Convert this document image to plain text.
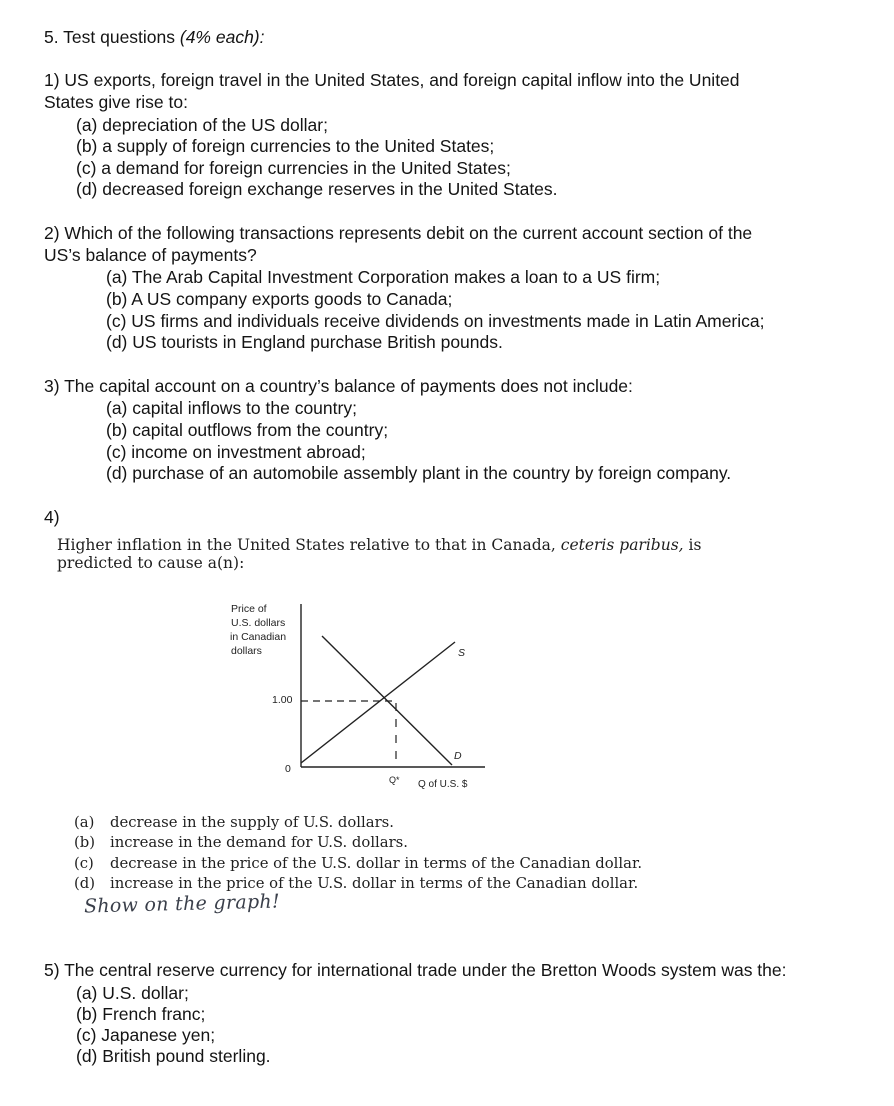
5. Test questions (4% each):
1) US exports, foreign travel in the United States, and foreign capital inflow into the United
States give rise to:
(a) depreciation of the US dollar;
(b) a supply of foreign currencies to the United States;
(c) a demand for foreign currencies in the United States;
(d) decreased foreign exchange reserves in the United States.
2) Which of the following transactions represents debit on the current account section of the
US’s balance of payments?
(a) The Arab Capital Investment Corporation makes a loan to a US firm;
(b) A US company exports goods to Canada;
(c) US firms and individuals receive dividends on investments made in Latin America;
(d) US tourists in England purchase British pounds.
3) The capital account on a country’s balance of payments does not include:
(a) capital inflows to the country;
(b) capital outflows from the country;
(c) income on investment abroad;
(d) purchase of an automobile assembly plant in the country by foreign company.
4)
Higher inflation in the United States relative to that in Canada, ceteris paribus, is
predicted to cause a(n):
Price of
U.S. dollars
in Canadian
dollars
1.00
0
S
D
Q* Q of U.S. $
(a) decrease in the supply of U.S. dollars.
(b) increase in the demand for U.S. dollars.
(c) decrease in the price of the U.S. dollar in terms of the Canadian dollar.
(d) increase in the price of the U.S. dollar in terms of the Canadian dollar.
Show on the graph!
5) The central reserve currency for international trade under the Bretton Woods system was the:
(a) U.S. dollar;
(b) French franc;
(c) Japanese yen;
(d) British pound sterling.
